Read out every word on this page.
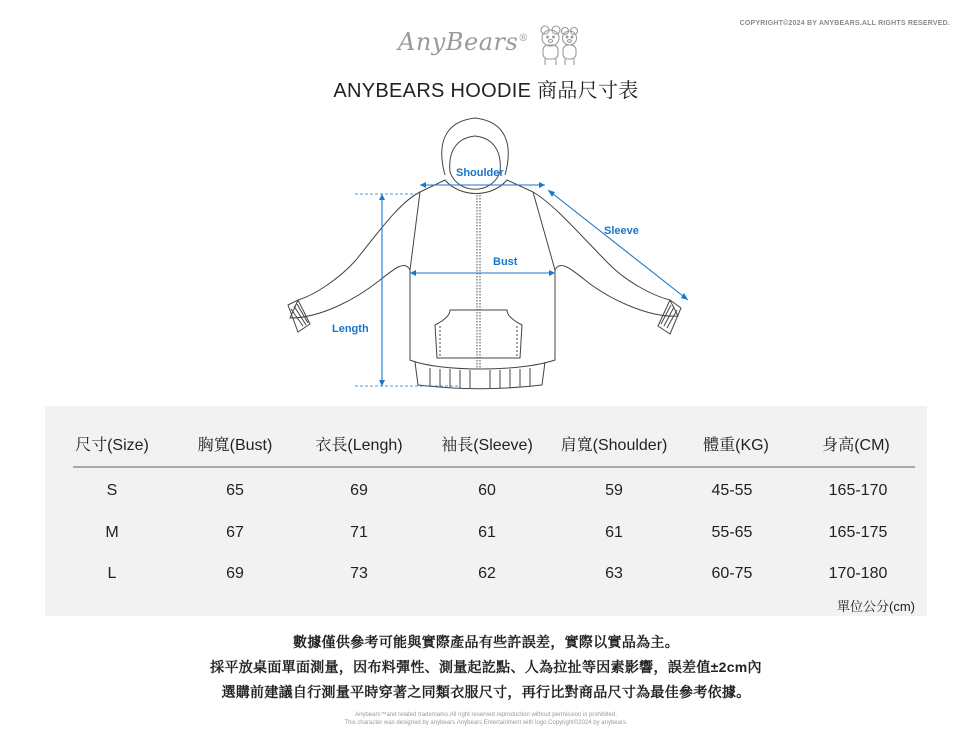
COPYRIGHT©2024 BY ANYBEARS.ALL RIGHTS RESERVED.
AnyBears®
ANYBEARS HOODIE 商品尺寸表
Shoulder
Sleeve
Bust
Length
尺寸(Size)	胸寬(Bust)	衣長(Lengh)	袖長(Sleeve)	肩寬(Shoulder)	體重(KG)	身高(CM)
S	65	69	60	59	45-55	165-170
M	67	71	61	61	55-65	165-175
L	69	73	62	63	60-75	170-180
單位公分(cm)
數據僅供參考可能與實際產品有些許誤差，實際以實品為主。
採平放桌面單面測量，因布料彈性、測量起訖點、人為拉扯等因素影響，誤差值±2cm內
選購前建議自行測量平時穿著之同類衣服尺寸，再行比對商品尺寸為最佳參考依據。
Anybears™and related trademarks.All right reserved reproduction without permission is prohibited.
This character was designed by anybears.Anybears Entertainment with logo.Copyright©2024 by anybears.
